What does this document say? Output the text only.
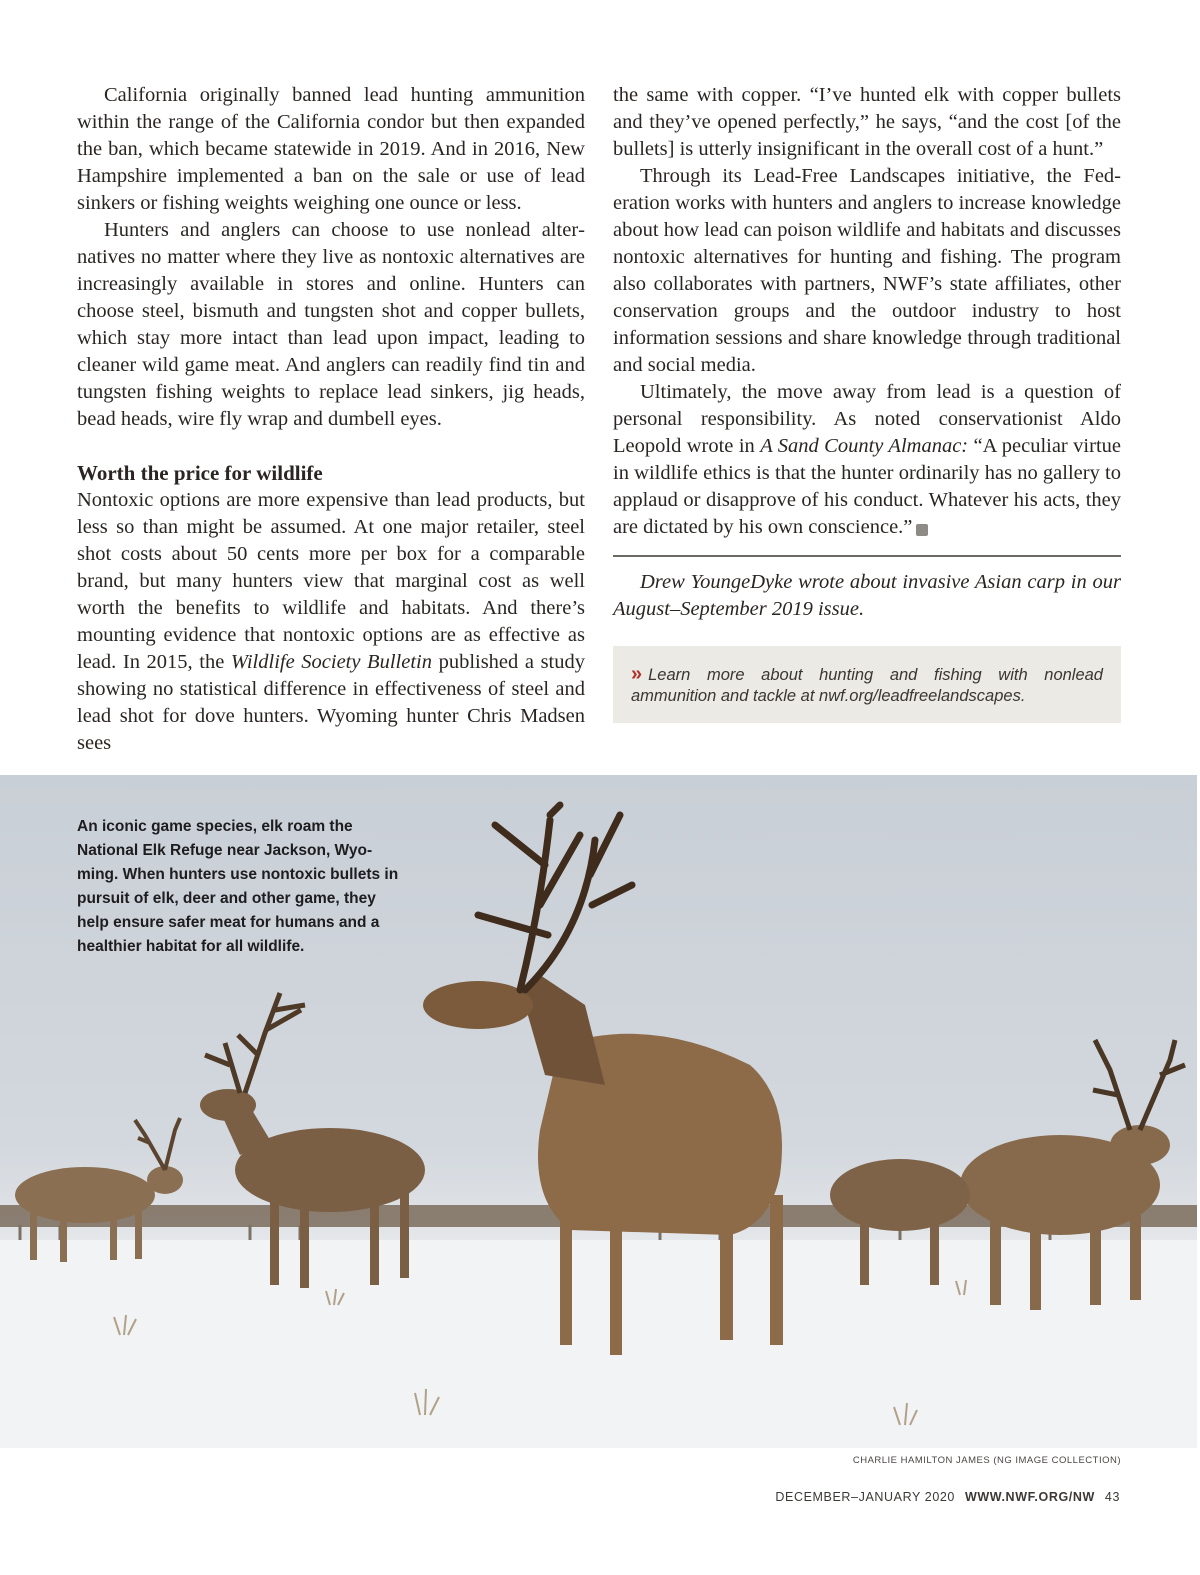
California originally banned lead hunting ammunition within the range of the California condor but then expanded the ban, which became statewide in 2019. And in 2016, New Hampshire implemented a ban on the sale or use of lead sinkers or fishing weights weighing one ounce or less.

Hunters and anglers can choose to use nonlead alternatives no matter where they live as nontoxic alternatives are increasingly available in stores and online. Hunters can choose steel, bismuth and tungsten shot and copper bullets, which stay more intact than lead upon impact, leading to cleaner wild game meat. And anglers can readily find tin and tungsten fishing weights to replace lead sinkers, jig heads, bead heads, wire fly wrap and dumbell eyes.

Worth the price for wildlife

Nontoxic options are more expensive than lead products, but less so than might be assumed. At one major retailer, steel shot costs about 50 cents more per box for a comparable brand, but many hunters view that marginal cost as well worth the benefits to wildlife and habitats. And there’s mounting evidence that nontoxic options are as effective as lead. In 2015, the Wildlife Society Bulletin published a study showing no statistical difference in effectiveness of steel and lead shot for dove hunters. Wyoming hunter Chris Madsen sees

the same with copper. “I’ve hunted elk with copper bullets and they’ve opened perfectly,” he says, “and the cost [of the bullets] is utterly insignificant in the overall cost of a hunt.”

Through its Lead-Free Landscapes initiative, the Federation works with hunters and anglers to increase knowledge about how lead can poison wildlife and habitats and discusses nontoxic alternatives for hunting and fishing. The program also collaborates with partners, NWF’s state affiliates, other conservation groups and the outdoor industry to host information sessions and share knowledge through traditional and social media.

Ultimately, the move away from lead is a question of personal responsibility. As noted conservationist Aldo Leopold wrote in A Sand County Almanac: “A peculiar virtue in wildlife ethics is that the hunter ordinarily has no gallery to applaud or disapprove of his conduct. Whatever his acts, they are dictated by his own conscience.”	W

Drew YoungeDyke wrote about invasive Asian carp in our August–September 2019 issue.

» Learn more about hunting and fishing with nonlead ammunition and tackle at nwf.org/leadfreelandscapes.
An iconic game species, elk roam the National Elk Refuge near Jackson, Wyoming. When hunters use nontoxic bullets in pursuit of elk, deer and other game, they help ensure safer meat for humans and a healthier habitat for all wildlife.
CHARLIE HAMILTON JAMES (NG IMAGE COLLECTION)
DECEMBER–JANUARY 2020 WWW.NWF.ORG/NW 43
